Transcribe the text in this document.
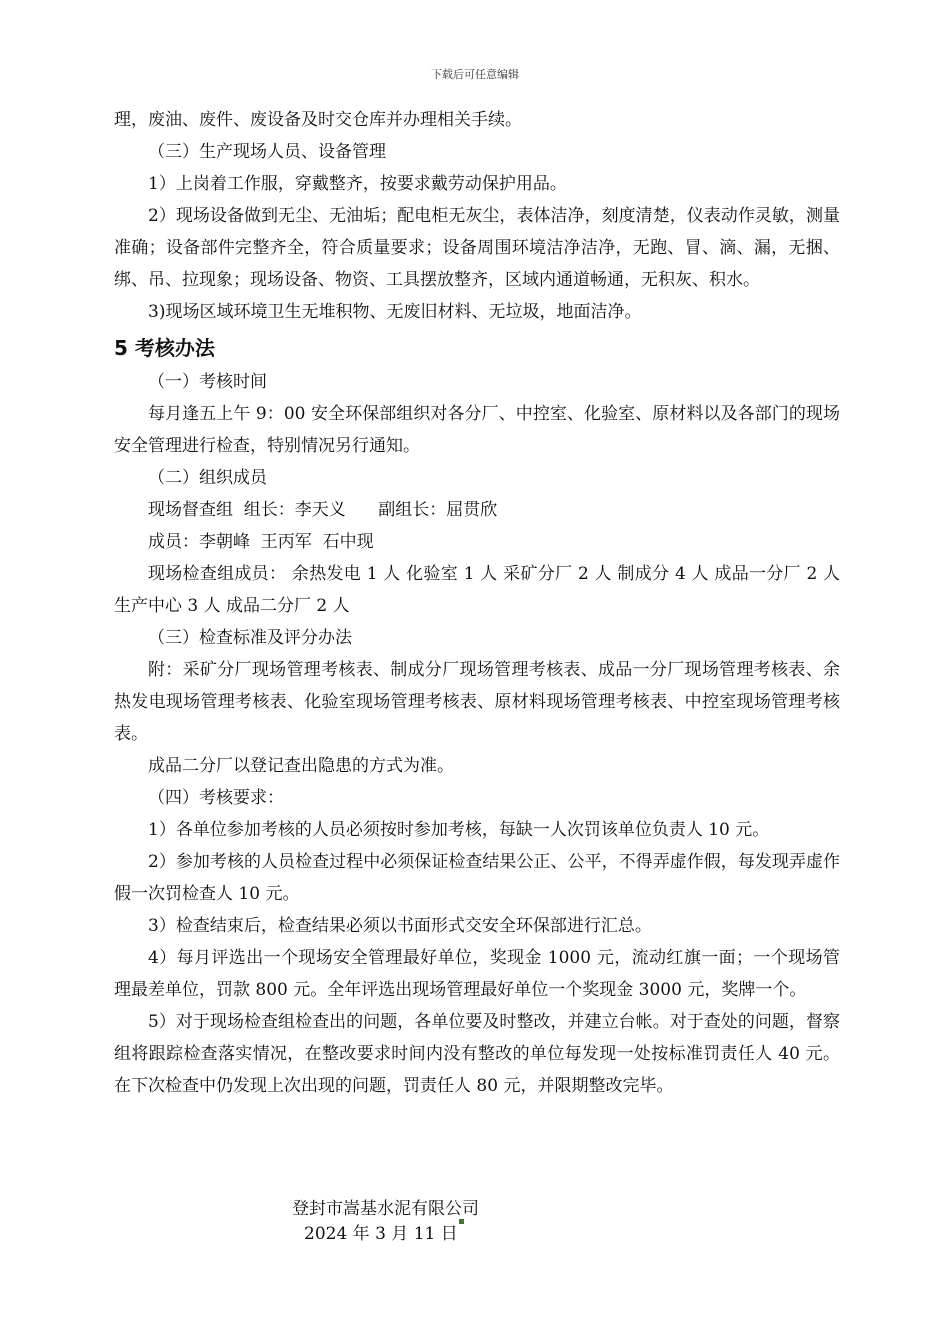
下载后可任意编辑

理，废油、废件、废设备及时交仓库并办理相关手续。

（三）生产现场人员、设备管理

1）上岗着工作服，穿戴整齐，按要求戴劳动保护用品。

2）现场设备做到无尘、无油垢；配电柜无灰尘，表体洁净，刻度清楚，仪表动作灵敏，测量准确；设备部件完整齐全，符合质量要求；设备周围环境洁净洁净，无跑、冒、滴、漏，无捆、绑、吊、拉现象；现场设备、物资、工具摆放整齐，区域内通道畅通，无积灰、积水。

3)现场区域环境卫生无堆积物、无废旧材料、无垃圾，地面洁净。

5 考核办法

（一）考核时间

每月逢五上午 9：00 安全环保部组织对各分厂、中控室、化验室、原材料以及各部门的现场安全管理进行检查，特别情况另行通知。

（二）组织成员

现场督查组  组长：李天义      副组长：屈贯欣

成员：李朝峰  王丙军  石中现

现场检查组成员： 余热发电 1 人 化验室 1 人 采矿分厂 2 人 制成分 4 人 成品一分厂 2 人 生产中心 3 人 成品二分厂 2 人

（三）检查标准及评分办法

附：采矿分厂现场管理考核表、制成分厂现场管理考核表、成品一分厂现场管理考核表、余热发电现场管理考核表、化验室现场管理考核表、原材料现场管理考核表、中控室现场管理考核表。

成品二分厂以登记查出隐患的方式为准。

（四）考核要求：

1）各单位参加考核的人员必须按时参加考核，每缺一人次罚该单位负责人 10 元。

2）参加考核的人员检查过程中必须保证检查结果公正、公平，不得弄虚作假，每发现弄虚作假一次罚检查人 10 元。

3）检查结束后，检查结果必须以书面形式交安全环保部进行汇总。

4）每月评选出一个现场安全管理最好单位，奖现金 1000 元，流动红旗一面；一个现场管理最差单位，罚款 800 元。全年评选出现场管理最好单位一个奖现金 3000 元，奖牌一个。

5）对于现场检查组检查出的问题，各单位要及时整改，并建立台帐。对于查处的问题，督察组将跟踪检查落实情况，在整改要求时间内没有整改的单位每发现一处按标准罚责任人 40 元。在下次检查中仍发现上次出现的问题，罚责任人 80 元，并限期整改完毕。

登封市嵩基水泥有限公司
2024 年 3 月 11 日
